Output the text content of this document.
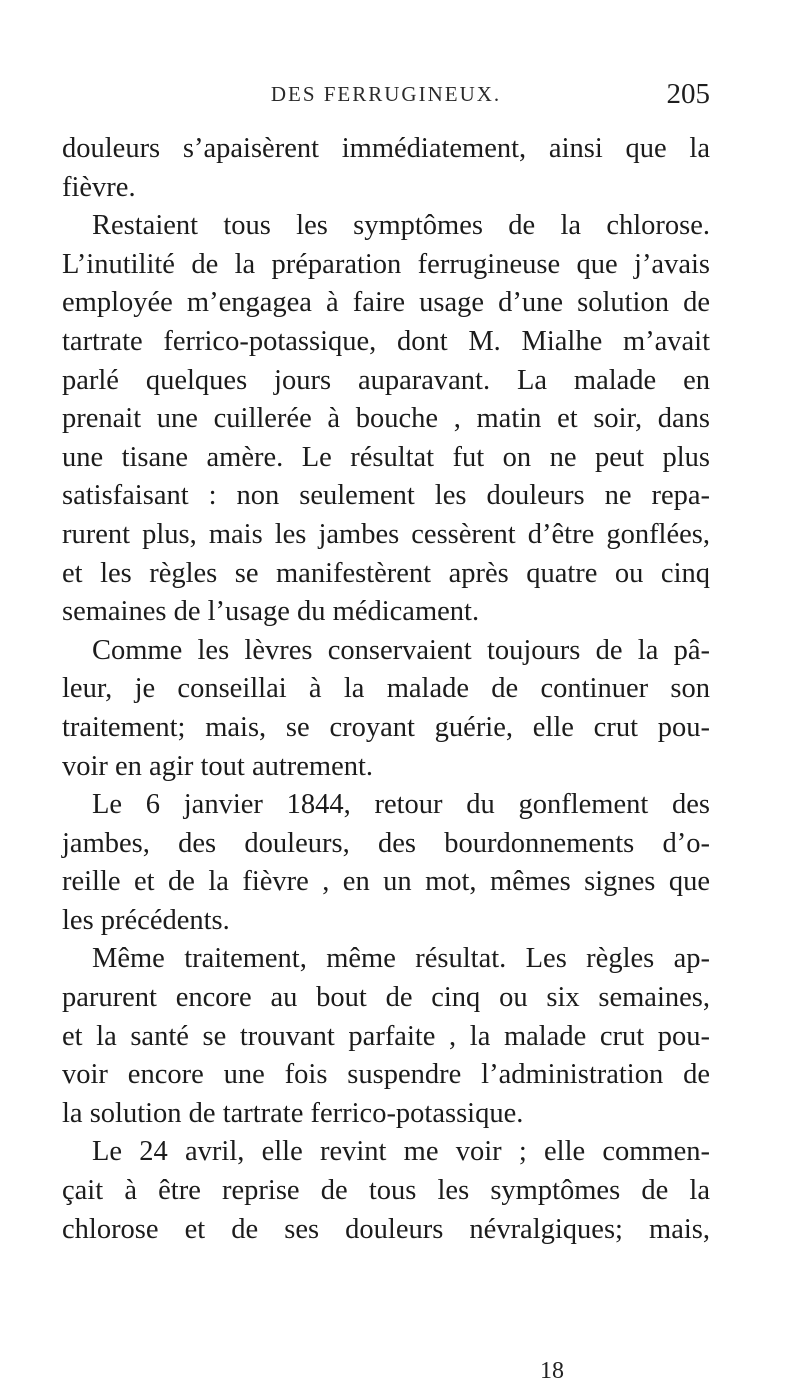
DES FERRUGINEUX.	205
douleurs s’apaisèrent immédiatement, ainsi que la
fièvre.
Restaient tous les symptômes de la chlorose.
L’inutilité de la préparation ferrugineuse que j’avais
employée m’engagea à faire usage d’une solution de
tartrate ferrico-potassique, dont M. Mialhe m’avait
parlé quelques jours auparavant. La malade en
prenait une cuillerée à bouche , matin et soir, dans
une tisane amère. Le résultat fut on ne peut plus
satisfaisant : non seulement les douleurs ne repa-
rurent plus, mais les jambes cessèrent d’être gonflées,
et les règles se manifestèrent après quatre ou cinq
semaines de l’usage du médicament.
Comme les lèvres conservaient toujours de la pâ-
leur, je conseillai à la malade de continuer son
traitement; mais, se croyant guérie, elle crut pou-
voir en agir tout autrement.
Le 6 janvier 1844, retour du gonflement des
jambes, des douleurs, des bourdonnements d’o-
reille et de la fièvre , en un mot, mêmes signes que
les précédents.
Même traitement, même résultat. Les règles ap-
parurent encore au bout de cinq ou six semaines,
et la santé se trouvant parfaite , la malade crut pou-
voir encore une fois suspendre l’administration de
la solution de tartrate ferrico-potassique.
Le 24 avril, elle revint me voir ; elle commen-
çait à être reprise de tous les symptômes de la
chlorose et de ses douleurs névralgiques; mais,
18
